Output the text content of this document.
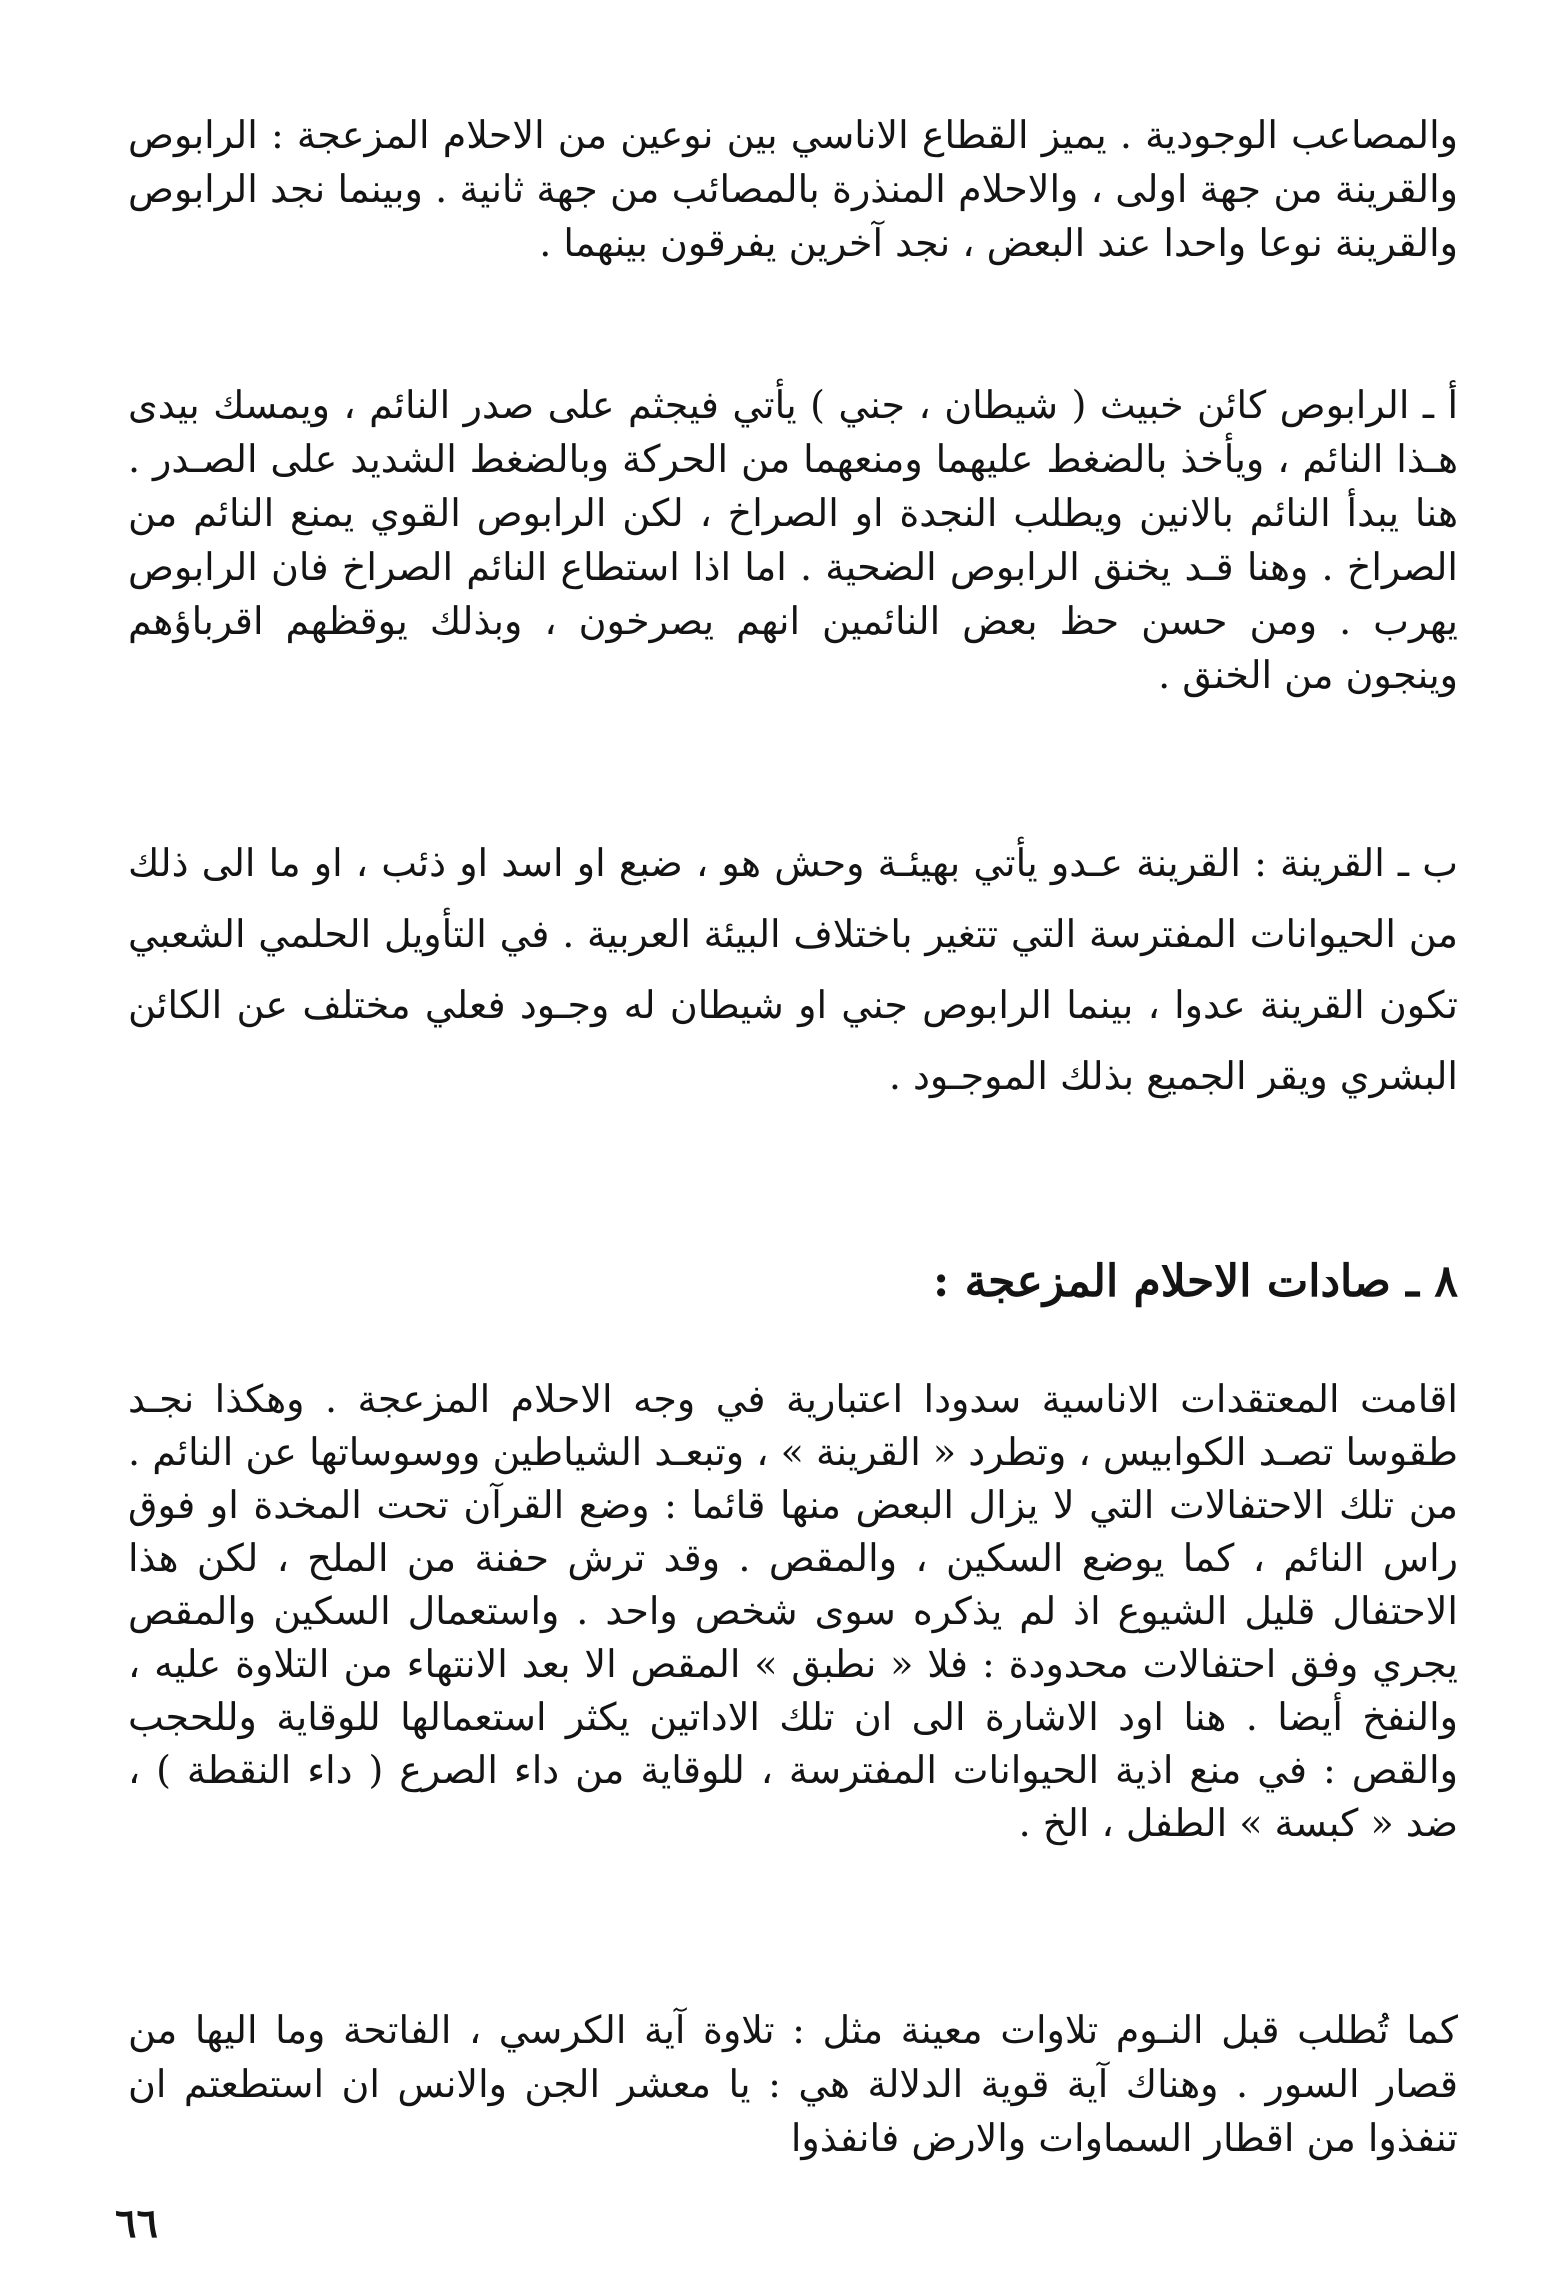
والمصاعب الوجودية . يميز القطاع الاناسي بين نوعين من الاحلام المزعجة : الرابوص والقرينة من جهة اولى ، والاحلام المنذرة بالمصائب من جهة ثانية . وبينما نجد الرابوص والقرينة نوعا واحدا عند البعض ، نجد آخرين يفرقون بينهما .

أ ـ الرابوص كائن خبيث ( شيطان ، جني ) يأتي فيجثم على صدر النائم ، ويمسك بيدى هـذا النائم ، ويأخذ بالضغط عليهما ومنعهما من الحركة وبالضغط الشديد على الصـدر . هنا يبدأ النائم بالانين ويطلب النجدة او الصراخ ، لكن الرابوص القوي يمنع النائم من الصراخ . وهنا قـد يخنق الرابوص الضحية . اما اذا استطاع النائم الصراخ فان الرابوص يهرب . ومن حسن حظ بعض النائمين انهم يصرخون ، وبذلك يوقظهم اقرباؤهم وينجون من الخنق .

ب ـ القرينة : القرينة عـدو يأتي بهيئـة وحش هو ، ضبع او اسد او ذئب ، او ما الى ذلك من الحيوانات المفترسة التي تتغير باختلاف البيئة العربية . في التأويل الحلمي الشعبي تكون القرينة عدوا ، بينما الرابوص جني او شيطان له وجـود فعلي مختلف عن الكائن البشري ويقر الجميع بذلك الموجـود .

٨ ـ صادات الاحلام المزعجة :

اقامت المعتقدات الاناسية سدودا اعتبارية في وجه الاحلام المزعجة . وهكذا نجـد طقوسا تصـد الكوابيس ، وتطرد « القرينة » ، وتبعـد الشياطين ووسوساتها عن النائم . من تلك الاحتفالات التي لا يزال البعض منها قائما : وضع القرآن تحت المخدة او فوق راس النائم ، كما يوضع السكين ، والمقص . وقد ترش حفنة من الملح ، لكن هذا الاحتفال قليل الشيوع اذ لم يذكره سوى شخص واحد . واستعمال السكين والمقص يجري وفق احتفالات محدودة : فلا « نطبق » المقص الا بعد الانتهاء من التلاوة عليه ، والنفخ أيضا . هنا اود الاشارة الى ان تلك الاداتين يكثر استعمالها للوقاية وللحجب والقص : في منع اذية الحيوانات المفترسة ، للوقاية من داء الصرع ( داء النقطة ) ، ضد « كبسة » الطفل ، الخ .

كما تُطلب قبل النـوم تلاوات معينة مثل : تلاوة آية الكرسي ، الفاتحة وما اليها من قصار السور . وهناك آية قوية الدلالة هي : يا معشر الجن والانس ان استطعتم ان تنفذوا من اقطار السماوات والارض فانفذوا

٦٦
